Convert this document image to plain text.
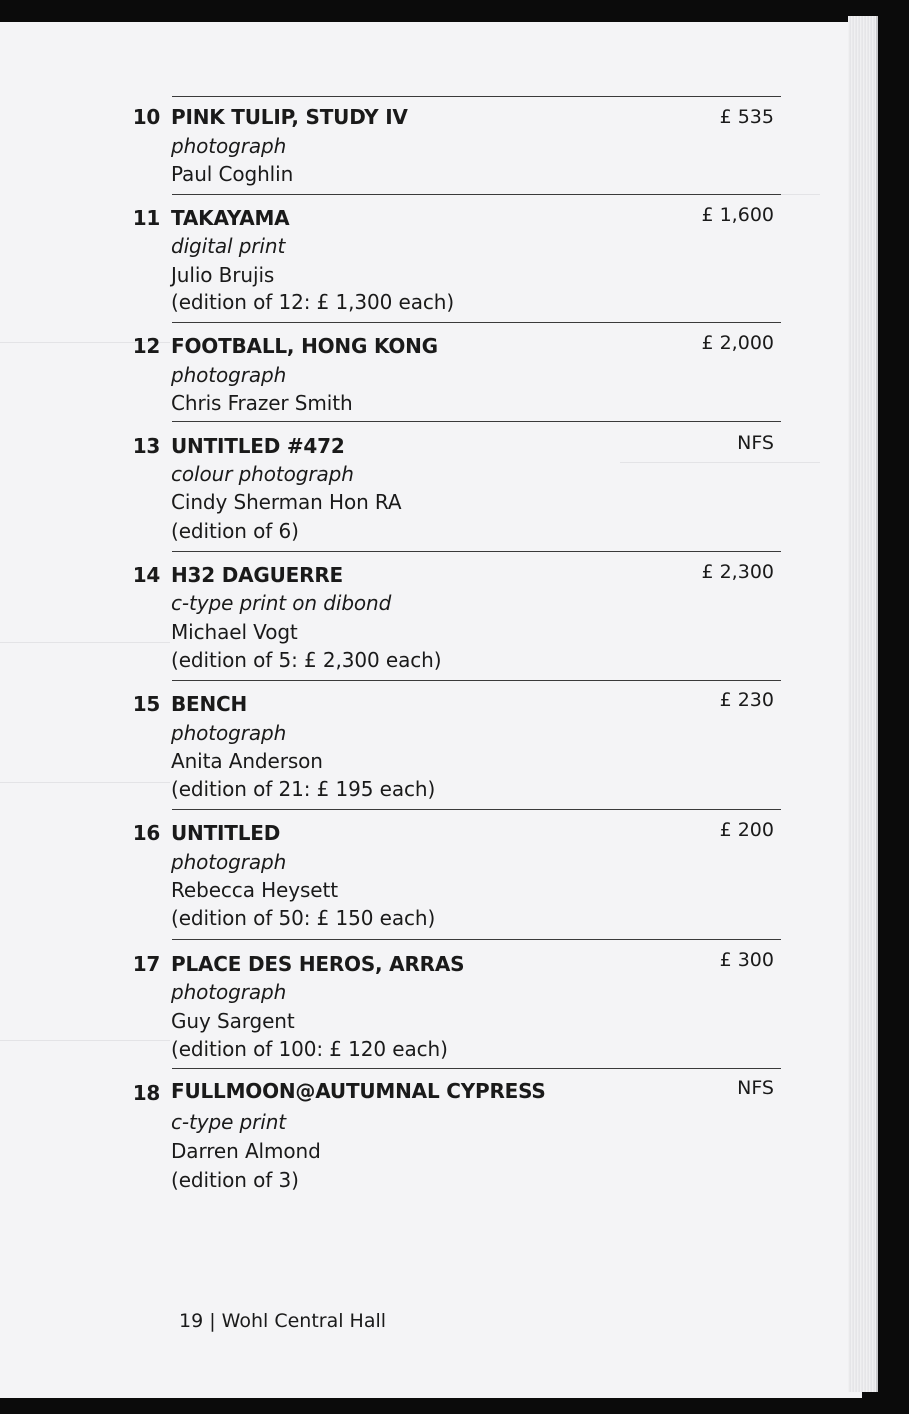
10 PINK TULIP, STUDY IV	£ 535
photograph
Paul Coghlin
11 TAKAYAMA	£ 1,600
digital print
Julio Brujis
(edition of 12: £ 1,300 each)
12 FOOTBALL, HONG KONG	£ 2,000
photograph
Chris Frazer Smith
13 UNTITLED #472	NFS
colour photograph
Cindy Sherman Hon RA
(edition of 6)
14 H32 DAGUERRE	£ 2,300
c-type print on dibond
Michael Vogt
(edition of 5: £ 2,300 each)
15 BENCH	£ 230
photograph
Anita Anderson
(edition of 21: £ 195 each)
16 UNTITLED	£ 200
photograph
Rebecca Heysett
(edition of 50: £ 150 each)
17 PLACE DES HEROS, ARRAS	£ 300
photograph
Guy Sargent
(edition of 100: £ 120 each)
18 FULLMOON@AUTUMNAL CYPRESS	NFS
c-type print
Darren Almond
(edition of 3)
19 | Wohl Central Hall
